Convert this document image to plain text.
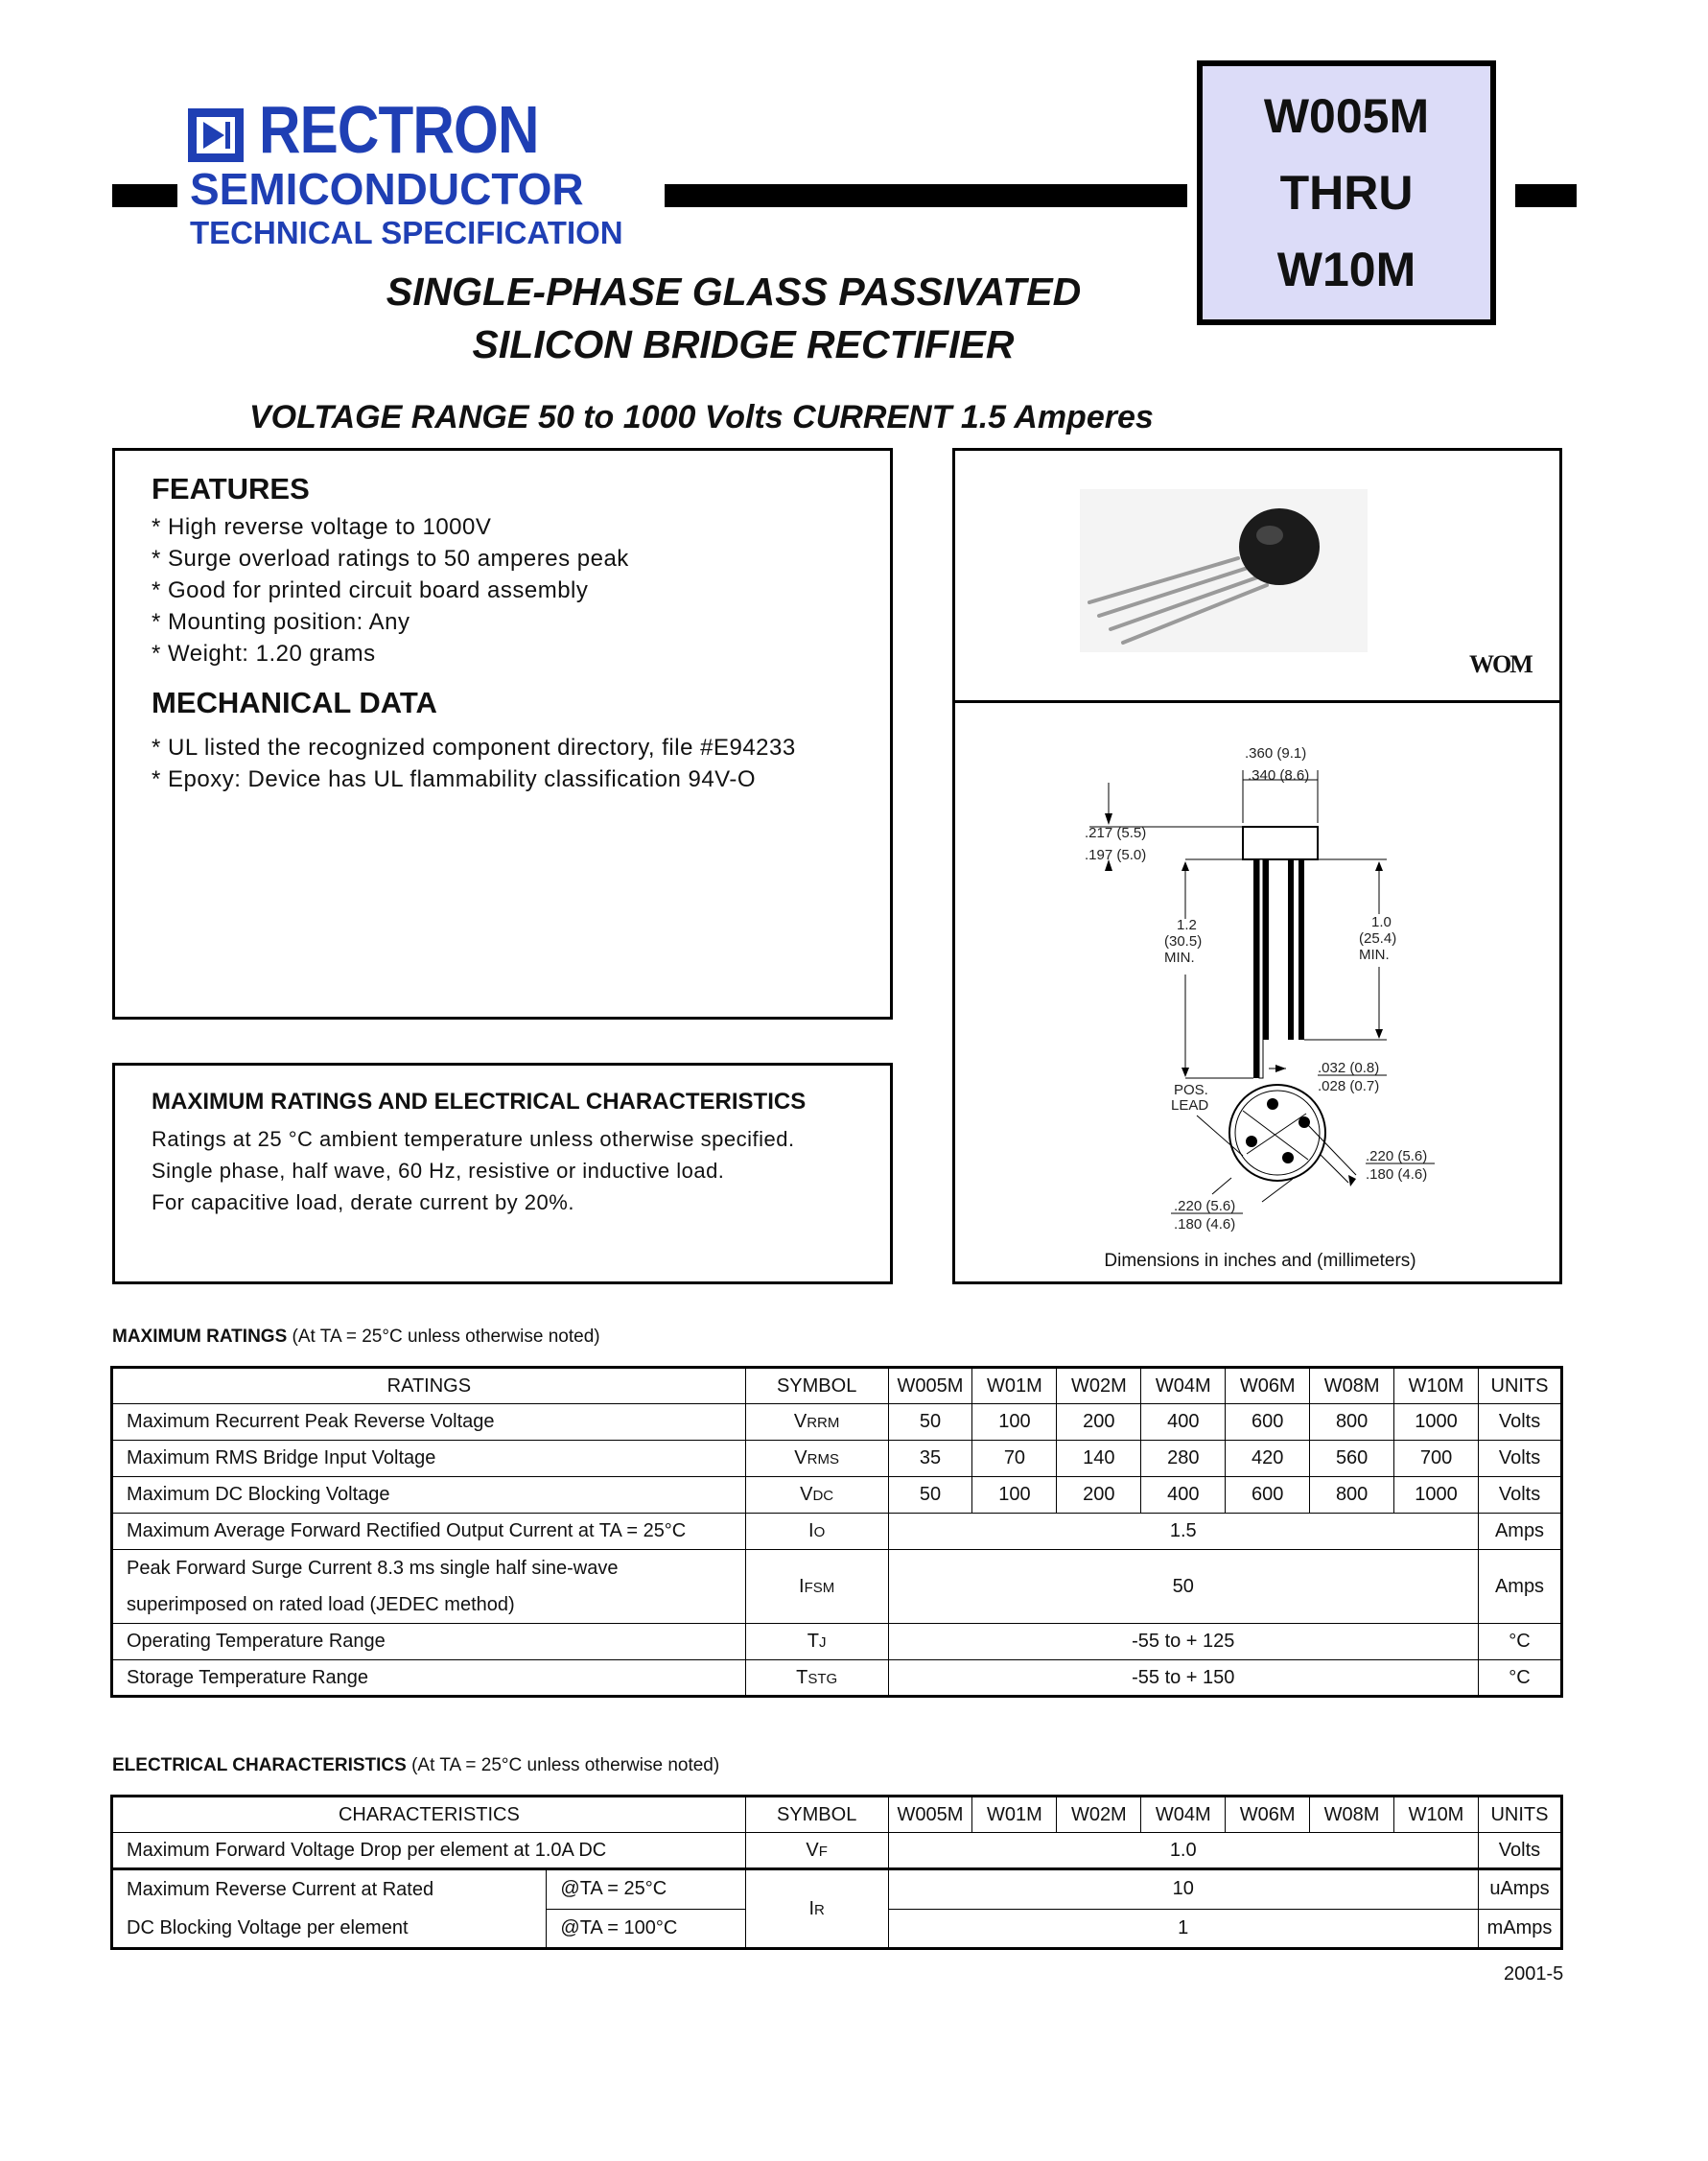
RECTRON
SEMICONDUCTOR
TECHNICAL SPECIFICATION
W005M
THRU
W10M
SINGLE-PHASE GLASS PASSIVATED
SILICON BRIDGE RECTIFIER
VOLTAGE RANGE 50 to 1000 Volts CURRENT 1.5 Amperes
FEATURES
* High reverse voltage to 1000V
* Surge overload ratings to 50 amperes peak
* Good for printed circuit board assembly
* Mounting position: Any
* Weight: 1.20 grams
MECHANICAL DATA
* UL listed the recognized component directory, file #E94233
* Epoxy: Device has UL flammability classification 94V-O
MAXIMUM RATINGS AND ELECTRICAL CHARACTERISTICS
Ratings at 25 °C ambient temperature unless otherwise specified.
Single phase, half wave, 60 Hz, resistive or inductive load.
For capacitive load, derate current by 20%.
WOM
.360 (9.1)
.340 (8.6)
.217 (5.5)
.197 (5.0)
1.2
(30.5)
MIN.
1.0
(25.4)
MIN.
.032 (0.8)
.028 (0.7)
POS.
LEAD
.220 (5.6)
.180 (4.6)
.220 (5.6)
.180 (4.6)
Dimensions in inches and (millimeters)
MAXIMUM RATINGS (At TA = 25°C unless otherwise noted)
RATINGS	SYMBOL	W005M	W01M	W02M	W04M	W06M	W08M	W10M	UNITS
Maximum Recurrent Peak Reverse Voltage	VRRM	50	100	200	400	600	800	1000	Volts
Maximum RMS Bridge Input Voltage	VRMS	35	70	140	280	420	560	700	Volts
Maximum DC Blocking Voltage	VDC	50	100	200	400	600	800	1000	Volts
Maximum Average Forward Rectified Output Current at TA = 25°C	IO	1.5							Amps

Peak Forward Surge Current 8.3 ms single half sine-wave
superimposed on rated load (JEDEC method)	IFSM	50							Amps
Operating Temperature Range	TJ	-55 to + 125							°C
Storage Temperature Range	TSTG	-55 to + 150							°C
ELECTRICAL CHARACTERISTICS (At TA = 25°C unless otherwise noted)
CHARACTERISTICS		SYMBOL	W005M	W01M	W02M	W04M	W06M	W08M	W10M	UNITS
Maximum Forward Voltage Drop per element at 1.0A DC		VF	1.0							Volts

Maximum Reverse Current at Rated
DC Blocking Voltage per element	@TA = 25°C	IR	10							uAmps
	@TA = 100°C		1							mAmps
2001-5
